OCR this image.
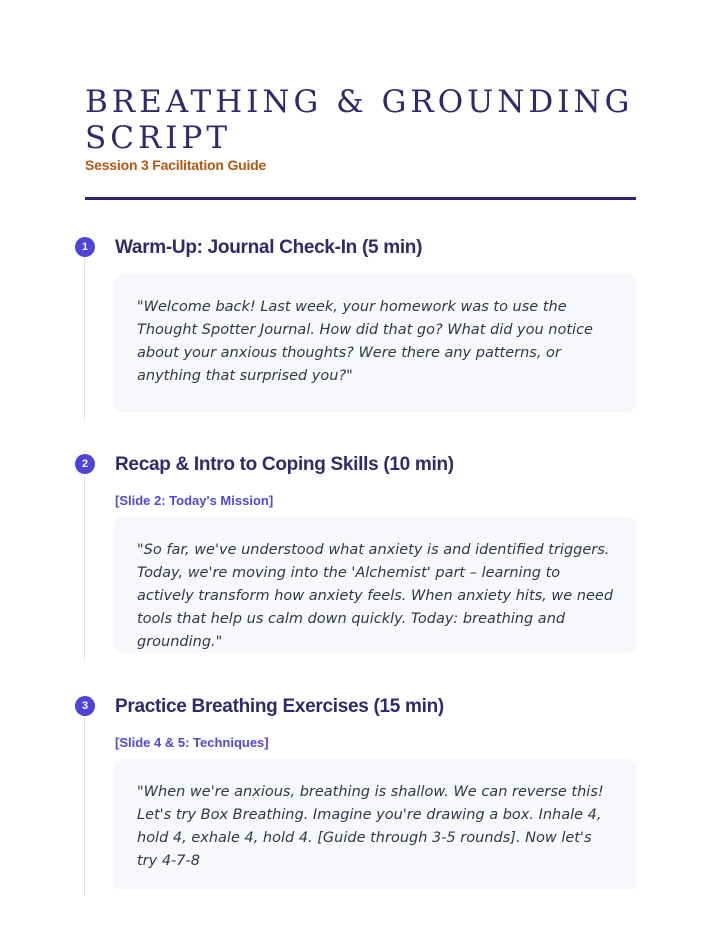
BREATHING & GROUNDING SCRIPT

Session 3 Facilitation Guide

1	Warm-Up: Journal Check-In (5 min)

"Welcome back! Last week, your homework was to use the Thought Spotter Journal. How did that go? What did you notice about your anxious thoughts? Were there any patterns, or anything that surprised you?"

2	Recap & Intro to Coping Skills (10 min)
[Slide 2: Today's Mission]

"So far, we've understood what anxiety is and identified triggers. Today, we're moving into the 'Alchemist' part – learning to actively transform how anxiety feels. When anxiety hits, we need tools that help us calm down quickly. Today: breathing and grounding."

3	Practice Breathing Exercises (15 min)
[Slide 4 & 5: Techniques]

"When we're anxious, breathing is shallow. We can reverse this! Let's try Box Breathing. Imagine you're drawing a box. Inhale 4, hold 4, exhale 4, hold 4. [Guide through 3-5 rounds]. Now let's try 4-7-8
